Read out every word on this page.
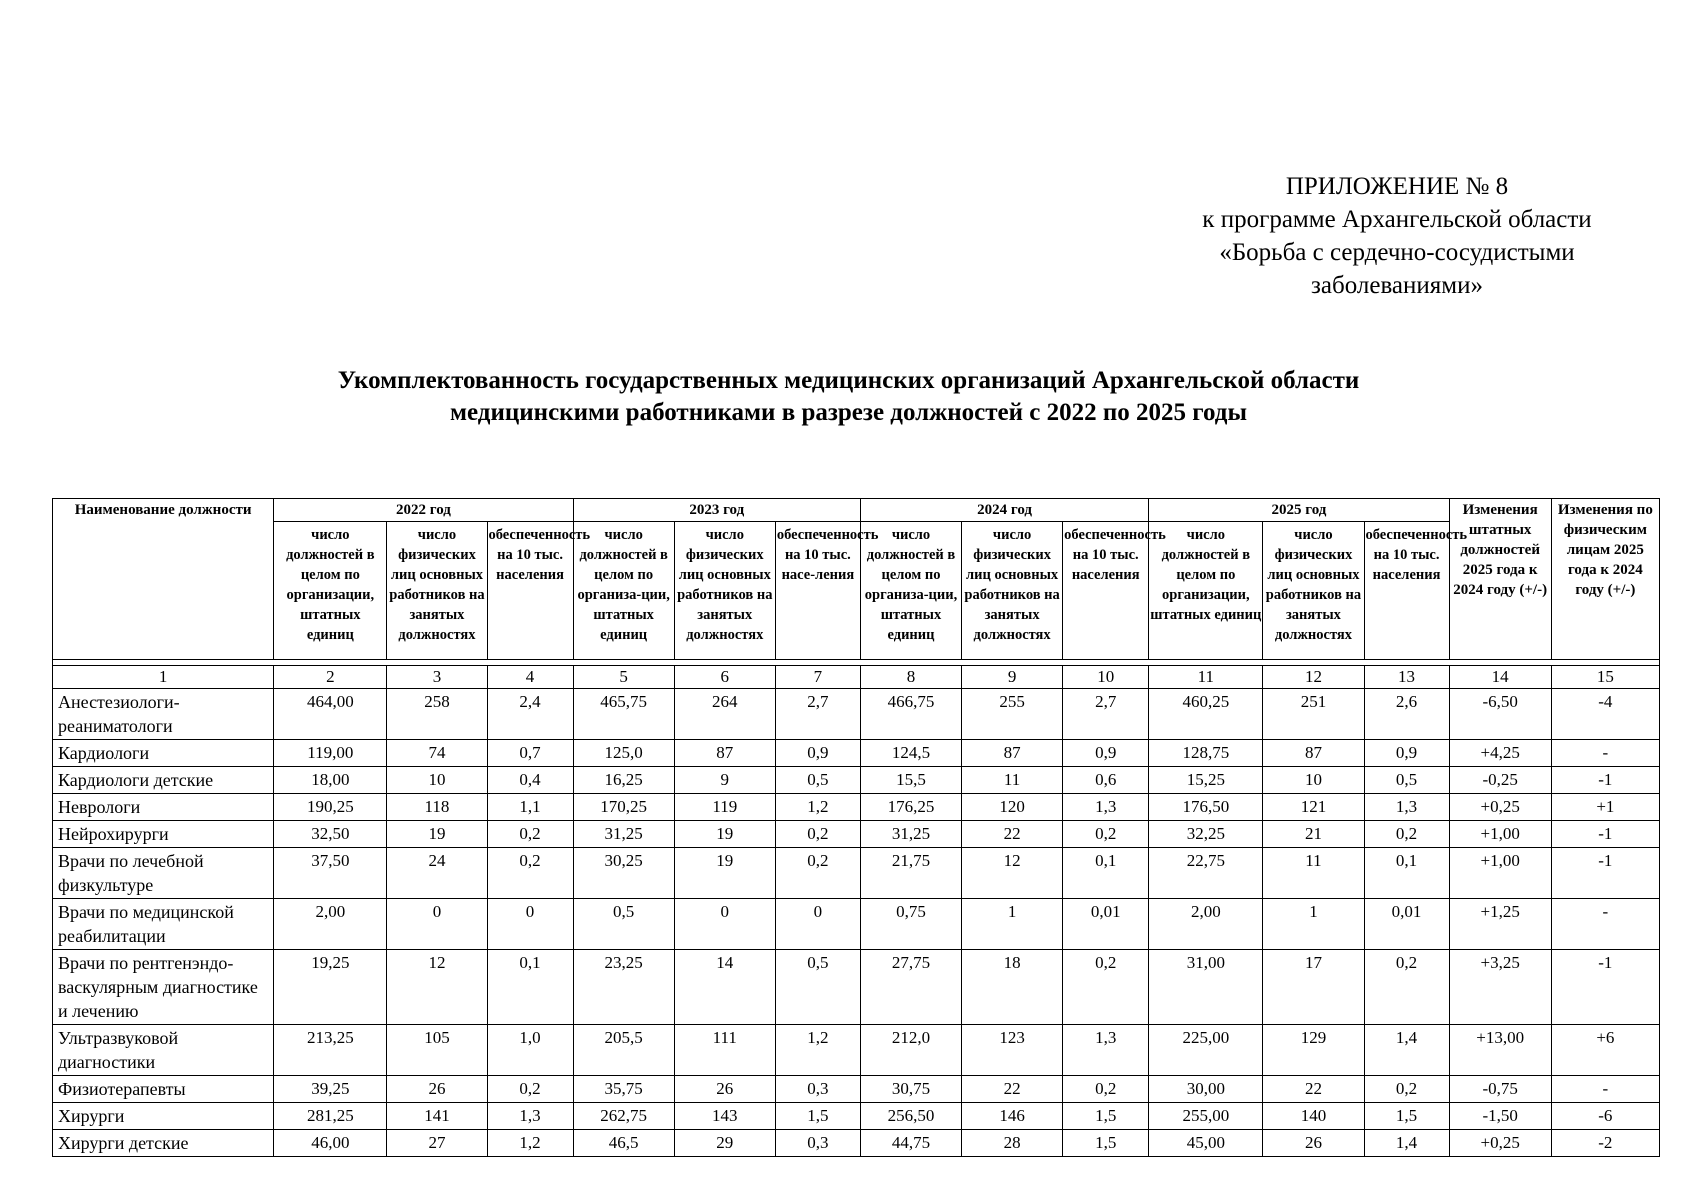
ПРИЛОЖЕНИЕ № 8
к программе Архангельской области
«Борьба с сердечно-сосудистыми
заболеваниями»
Укомплектованность государственных медицинских организаций Архангельской области
медицинскими работниками в разрезе должностей с 2022 по 2025 годы
Наименование должности	2022 год			2023 год			2024 год			2025 год			Изменения штатных должностей 2025 года к 2024 году (+/-)	Изменения по физическим лицам 2025 года к 2024 году (+/-)
	число должностей в целом по организации, штатных единиц	число физических лиц основных работников на занятых должностях	обеспеченность на 10 тыс. населения	число должностей в целом по организа-ции, штатных единиц	число физических лиц основных работников на занятых должностях	обеспеченность на 10 тыс. насе-ления	число должностей в целом по организа-ции, штатных единиц	число физических лиц основных работников на занятых должностях	обеспеченность на 10 тыс. населения	число должностей в целом по организации, штатных единиц	число физических лиц основных работников на занятых должностях	обеспеченность на 10 тыс. населения		

1	2	3	4	5	6	7	8	9	10	11	12	13	14	15
Анестезиологи-реаниматологи	464,00	258	2,4	465,75	264	2,7	466,75	255	2,7	460,25	251	2,6	-6,50	-4
Кардиологи	119,00	74	0,7	125,0	87	0,9	124,5	87	0,9	128,75	87	0,9	+4,25	-
Кардиологи детские	18,00	10	0,4	16,25	9	0,5	15,5	11	0,6	15,25	10	0,5	-0,25	-1
Неврологи	190,25	118	1,1	170,25	119	1,2	176,25	120	1,3	176,50	121	1,3	+0,25	+1
Нейрохирурги	32,50	19	0,2	31,25	19	0,2	31,25	22	0,2	32,25	21	0,2	+1,00	-1
Врачи по лечебной физкультуре	37,50	24	0,2	30,25	19	0,2	21,75	12	0,1	22,75	11	0,1	+1,00	-1
Врачи по медицинской реабилитации	2,00	0	0	0,5	0	0	0,75	1	0,01	2,00	1	0,01	+1,25	-
Врачи по рентгенэндо-васкулярным диагностике и лечению	19,25	12	0,1	23,25	14	0,5	27,75	18	0,2	31,00	17	0,2	+3,25	-1
Ультразвуковой диагностики	213,25	105	1,0	205,5	111	1,2	212,0	123	1,3	225,00	129	1,4	+13,00	+6
Физиотерапевты	39,25	26	0,2	35,75	26	0,3	30,75	22	0,2	30,00	22	0,2	-0,75	-
Хирурги	281,25	141	1,3	262,75	143	1,5	256,50	146	1,5	255,00	140	1,5	-1,50	-6
Хирурги детские	46,00	27	1,2	46,5	29	0,3	44,75	28	1,5	45,00	26	1,4	+0,25	-2
